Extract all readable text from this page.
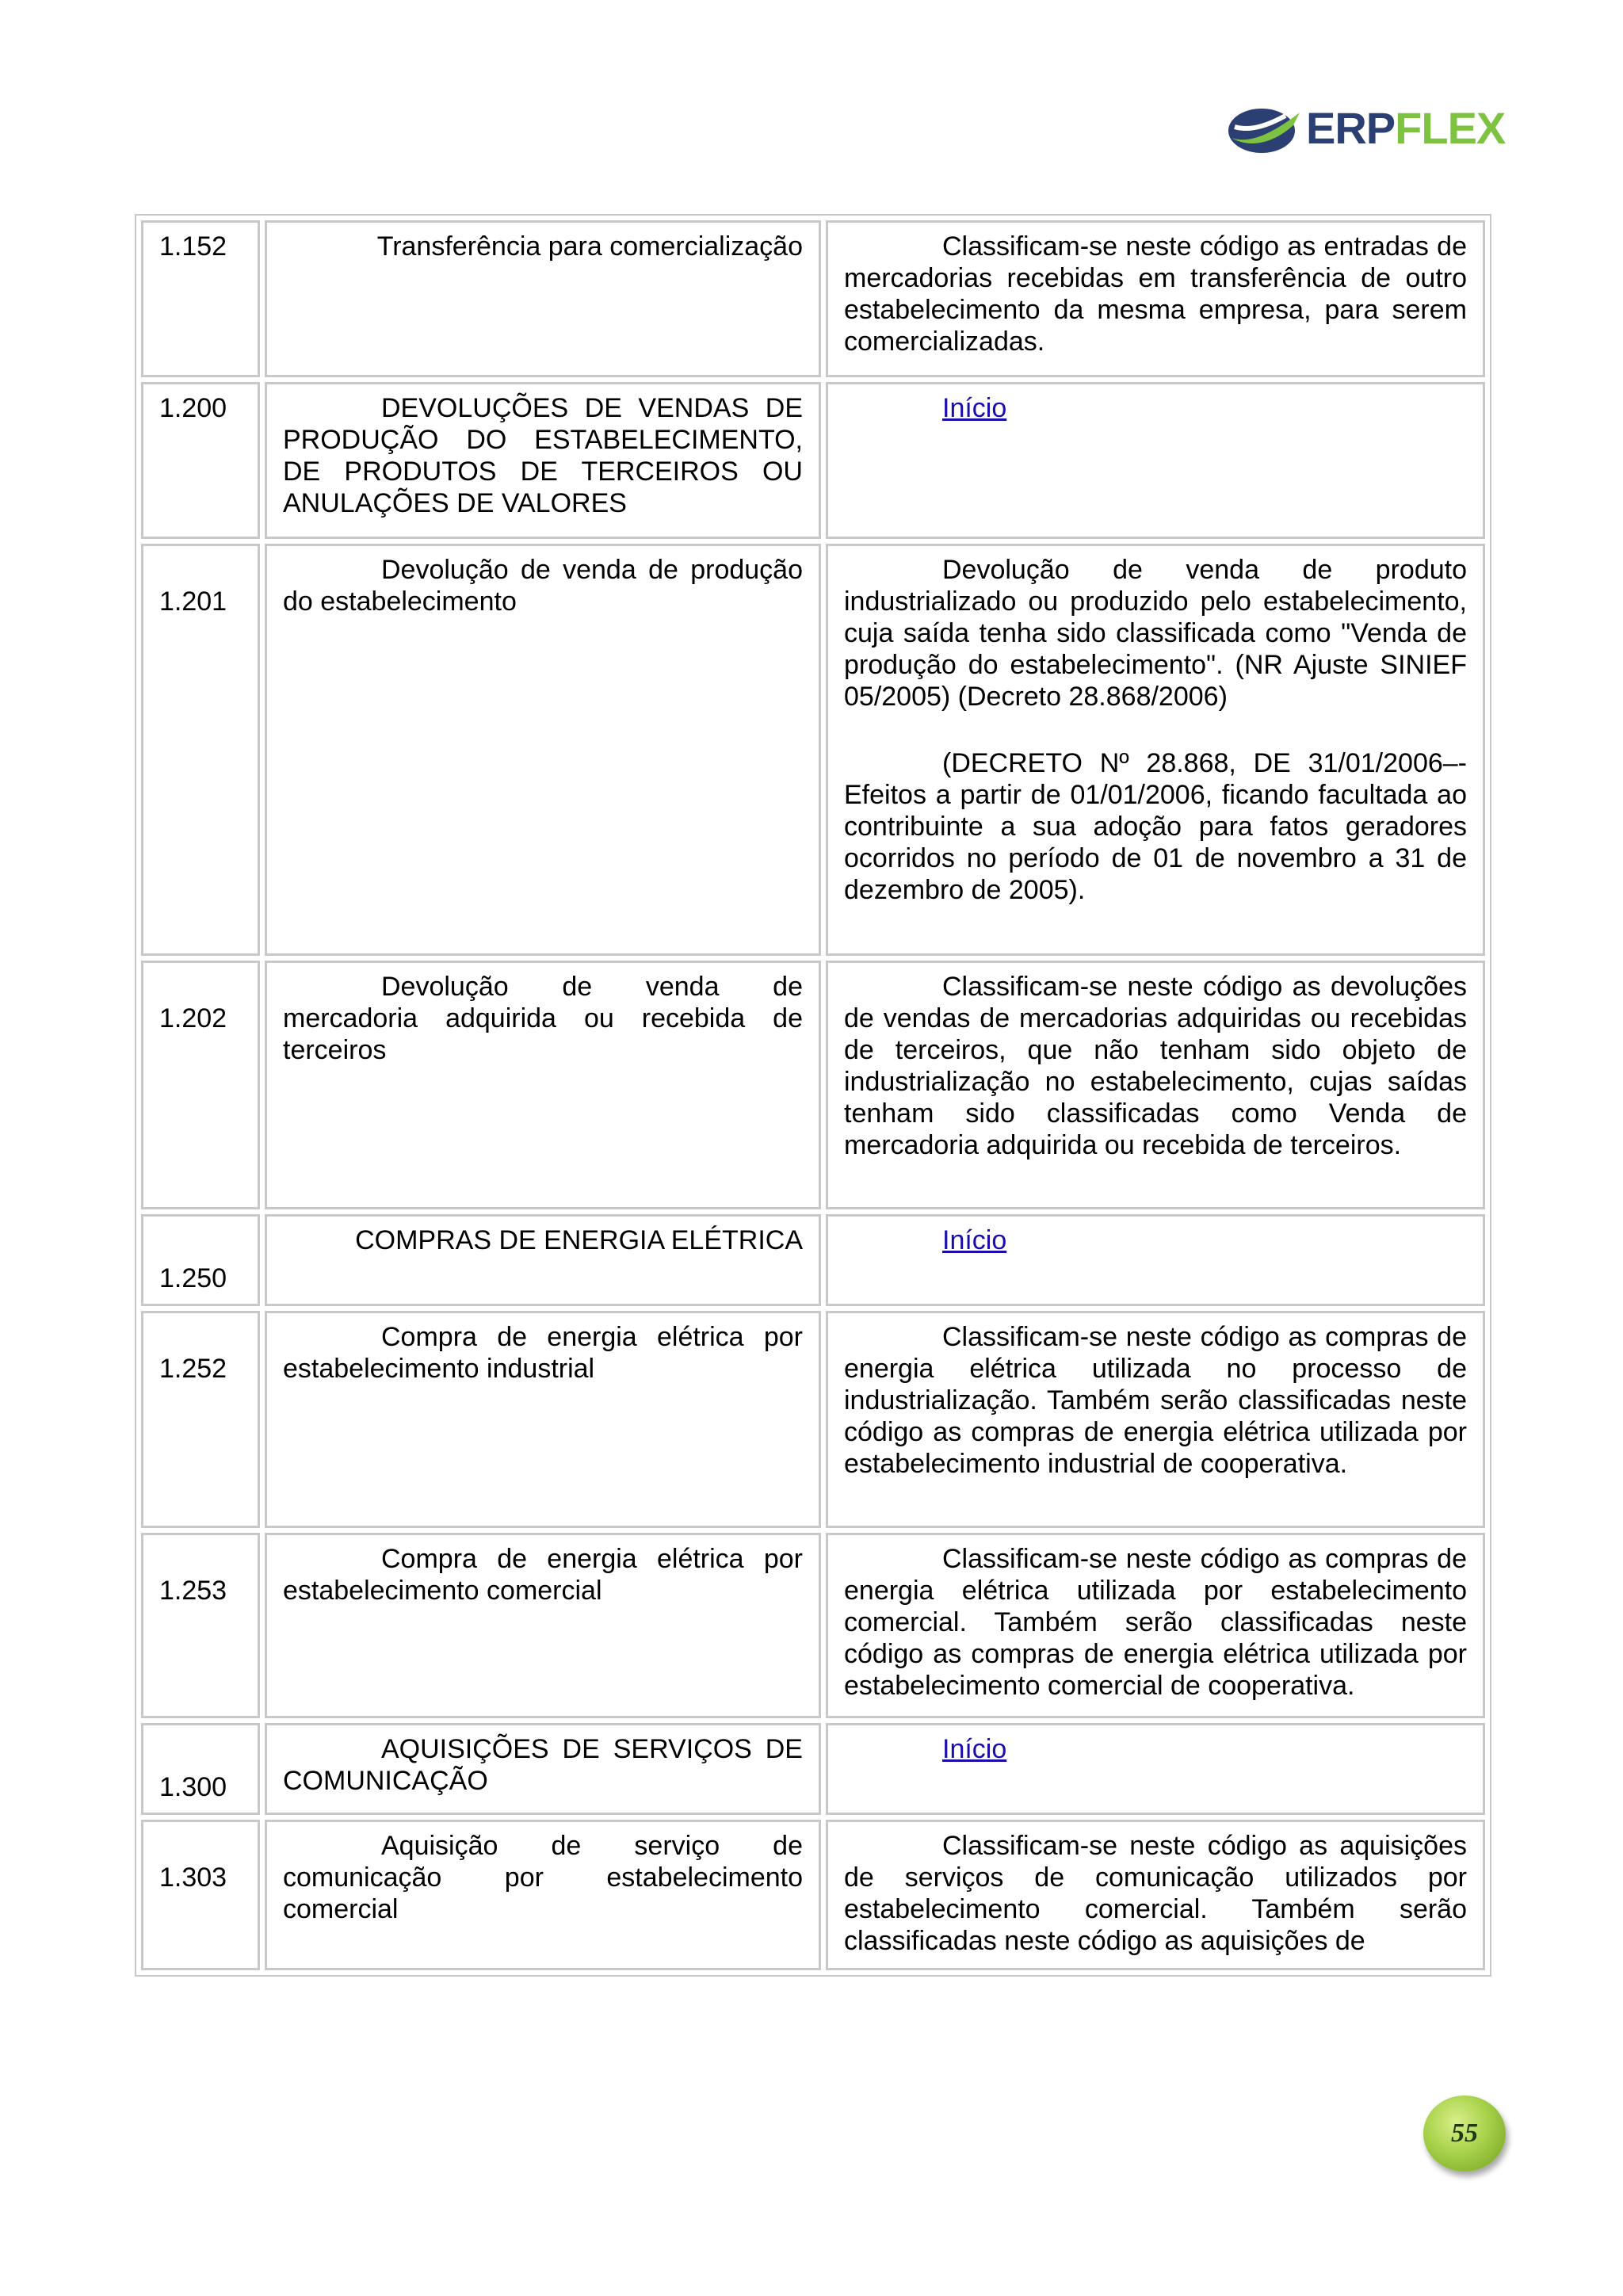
ERPFLEX
1.152	Transferência para comercialização	Classificam-se neste código as entradas de mercadorias recebidas em transferência de outro estabelecimento da mesma empresa, para serem comercializadas.

1.200	DEVOLUÇÕES DE VENDAS DE PRODUÇÃO DO ESTABELECIMENTO, DE PRODUTOS DE TERCEIROS OU ANULAÇÕES DE VALORES	Início

1.201	Devolução de venda de produção do estabelecimento	Devolução de venda de produto industrializado ou produzido pelo estabelecimento, cuja saída tenha sido classificada como "Venda de produção do estabelecimento". (NR Ajuste SINIEF 05/2005) (Decreto 28.868/2006)
(DECRETO Nº 28.868, DE 31/01/2006–- Efeitos a partir de 01/01/2006, ficando facultada ao contribuinte a sua adoção para fatos geradores ocorridos no período de 01 de novembro a 31 de dezembro de 2005).

1.202	Devolução de venda de mercadoria adquirida ou recebida de terceiros	Classificam-se neste código as devoluções de vendas de mercadorias adquiridas ou recebidas de terceiros, que não tenham sido objeto de industrialização no estabelecimento, cujas saídas tenham sido classificadas como Venda de mercadoria adquirida ou recebida de terceiros.

1.250	COMPRAS DE ENERGIA ELÉTRICA	Início

1.252	Compra de energia elétrica por estabelecimento industrial	Classificam-se neste código as compras de energia elétrica utilizada no processo de industrialização. Também serão classificadas neste código as compras de energia elétrica utilizada por estabelecimento industrial de cooperativa.

1.253	Compra de energia elétrica por estabelecimento comercial	Classificam-se neste código as compras de energia elétrica utilizada por estabelecimento comercial. Também serão classificadas neste código as compras de energia elétrica utilizada por estabelecimento comercial de cooperativa.

1.300	AQUISIÇÕES DE SERVIÇOS DE COMUNICAÇÃO	Início

1.303	Aquisição de serviço de comunicação por estabelecimento comercial	Classificam-se neste código as aquisições de serviços de comunicação utilizados por estabelecimento comercial. Também serão classificadas neste código as aquisições de
55
